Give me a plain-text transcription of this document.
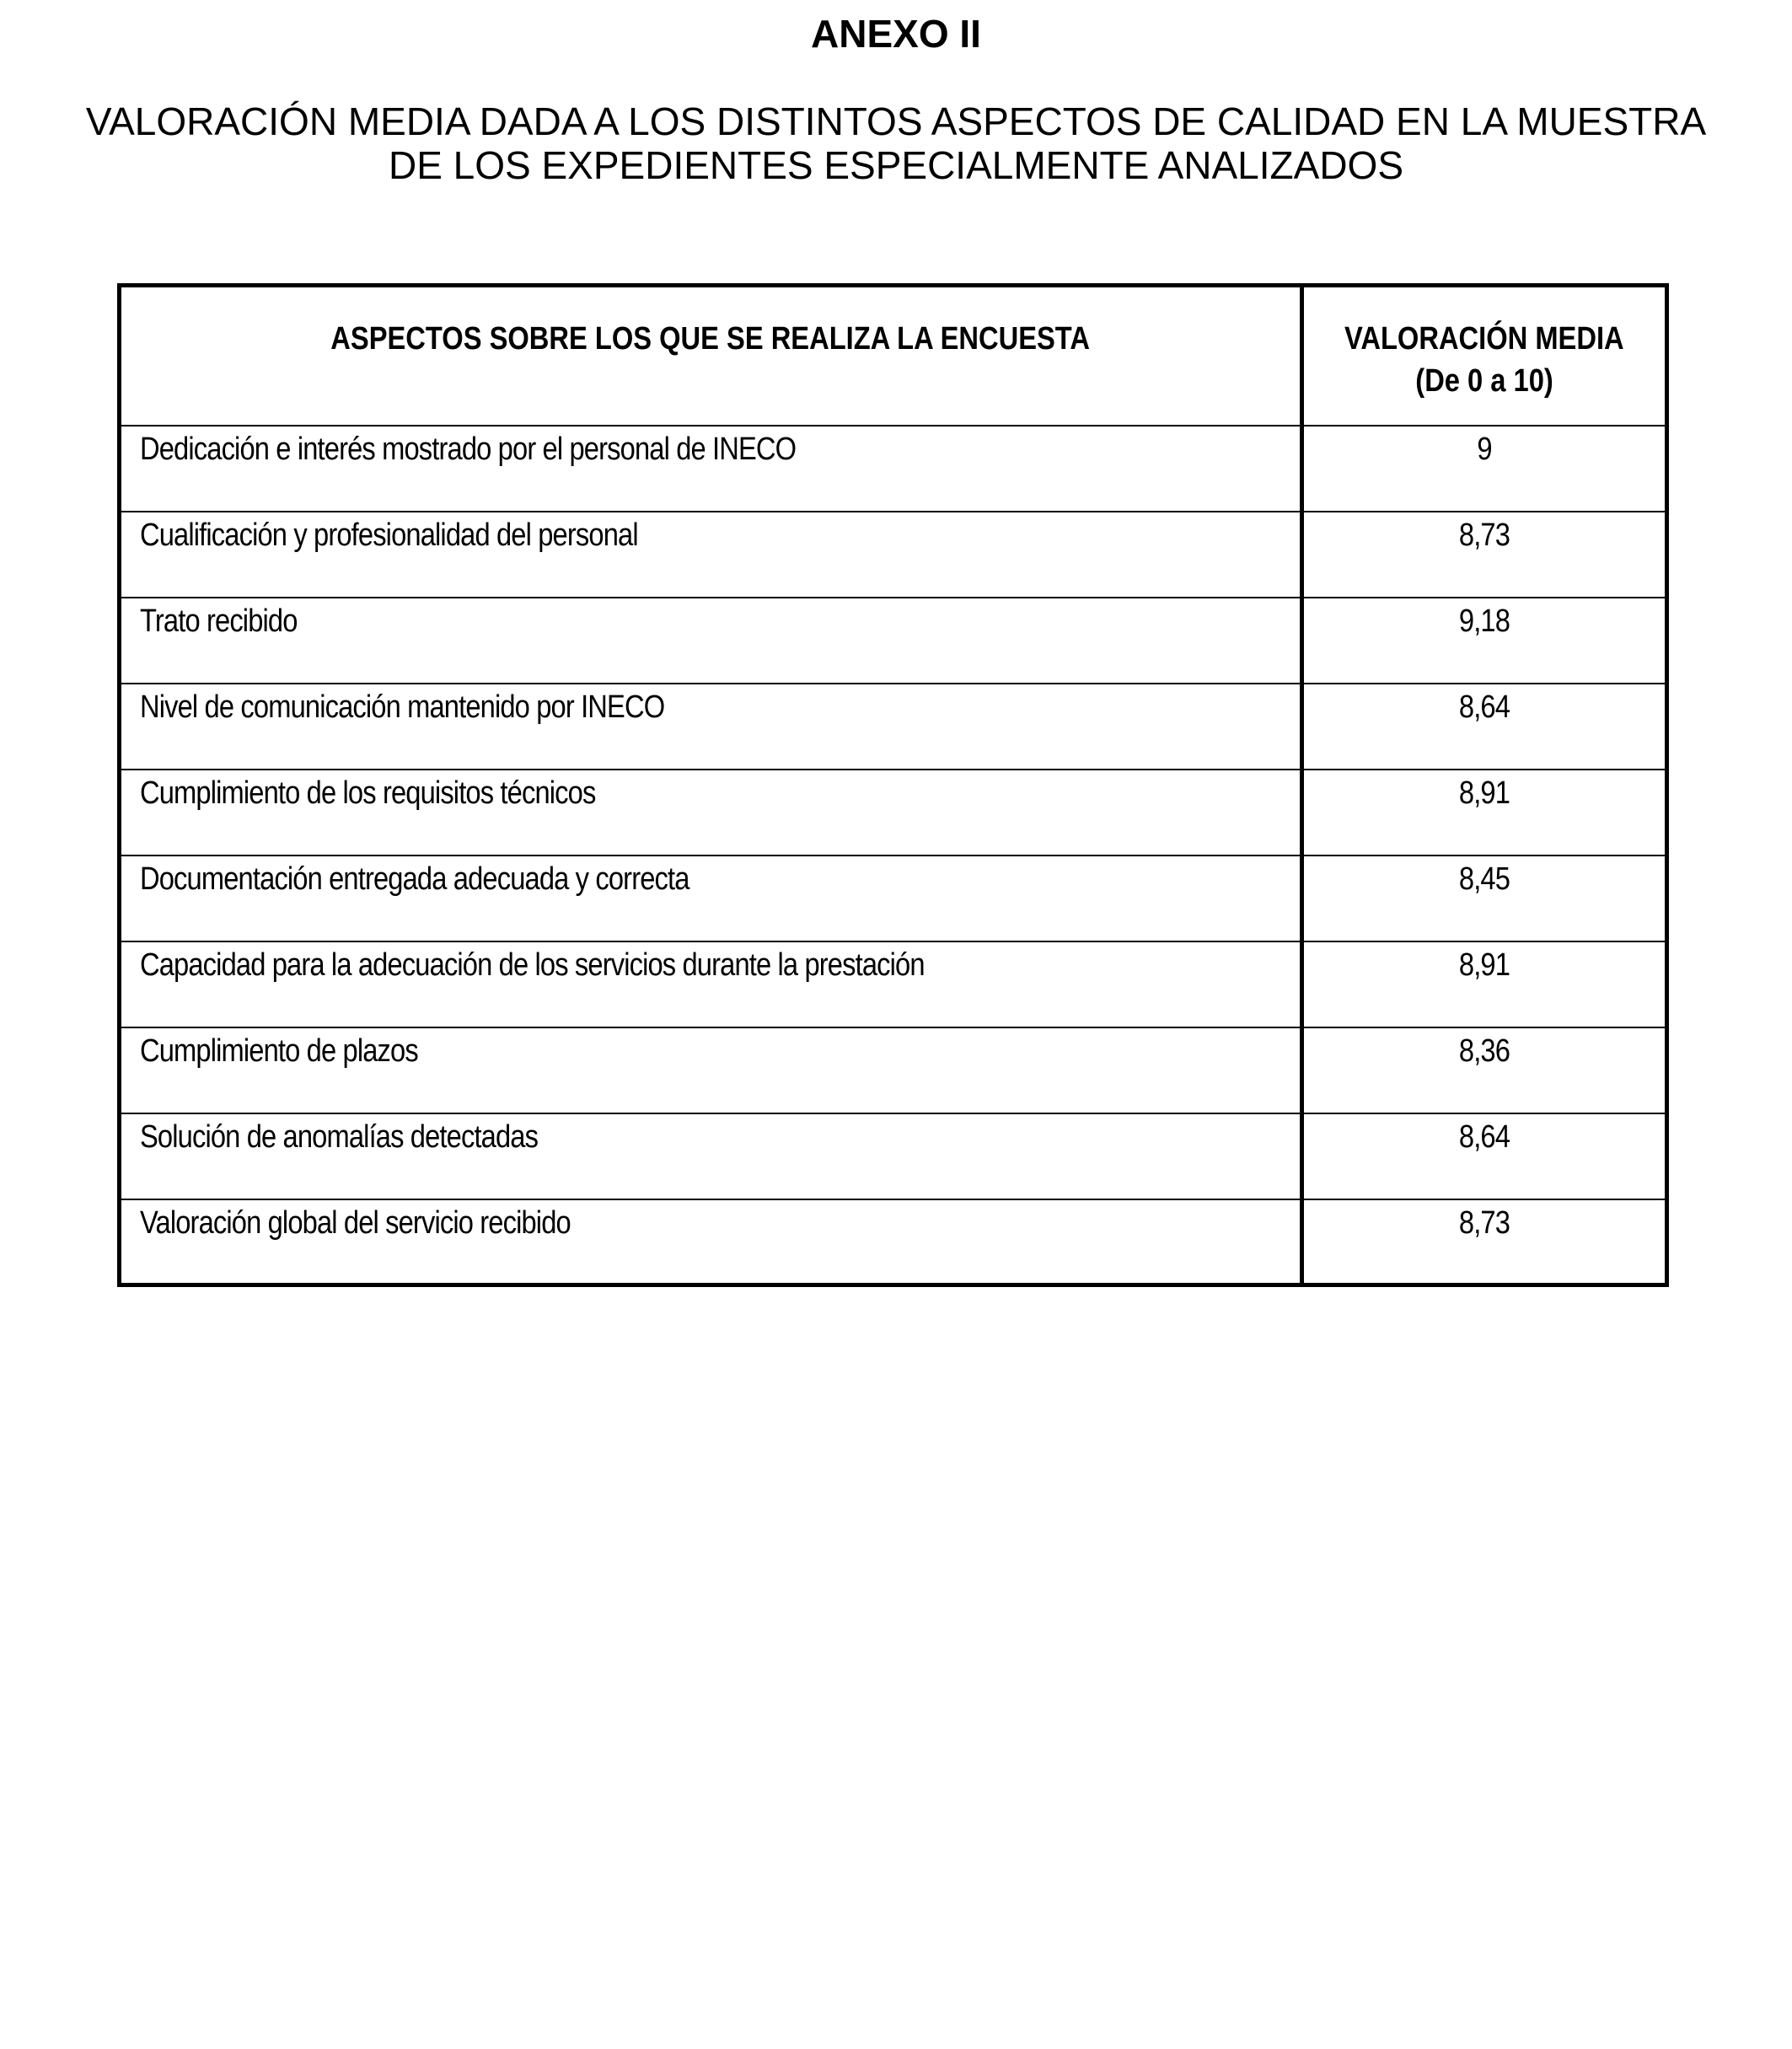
ANEXO II
VALORACIÓN MEDIA DADA A LOS DISTINTOS ASPECTOS DE CALIDAD EN LA MUESTRA
DE LOS EXPEDIENTES ESPECIALMENTE ANALIZADOS
ASPECTOS SOBRE LOS QUE SE REALIZA LA ENCUESTA	VALORACIÓN MEDIA
(De 0 a 10)
Dedicación e interés mostrado por el personal de INECO	9
Cualificación y profesionalidad del personal	8,73
Trato recibido	9,18
Nivel de comunicación mantenido por INECO	8,64
Cumplimiento de los requisitos técnicos	8,91
Documentación entregada adecuada y correcta	8,45
Capacidad para la adecuación de los servicios durante la prestación	8,91
Cumplimiento de plazos	8,36
Solución de anomalías detectadas	8,64
Valoración global del servicio recibido	8,73
